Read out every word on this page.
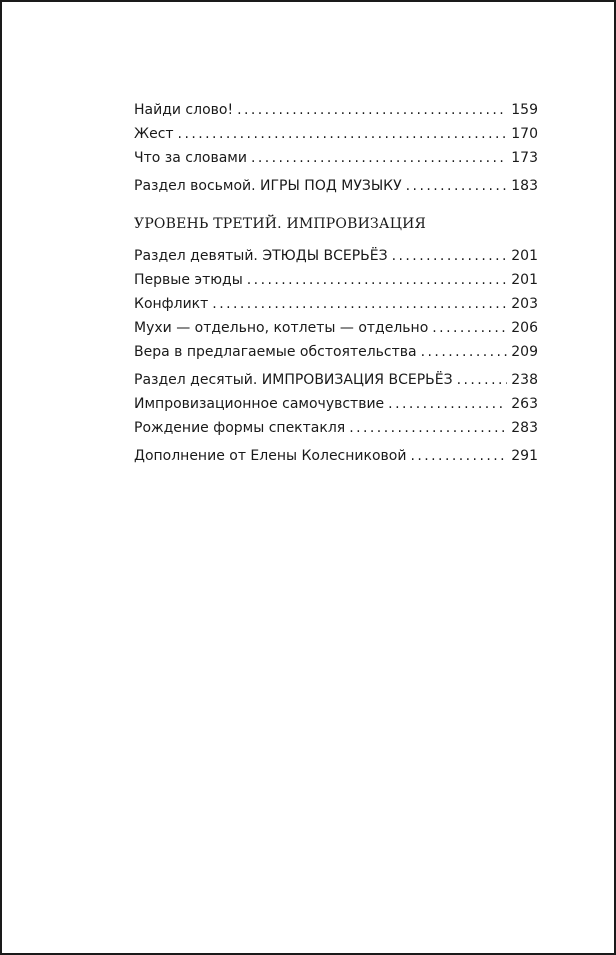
Найди слово! . . .	159
Жест . . .	170
Что за словами . . .	173
Раздел восьмой. ИГРЫ ПОД МУЗЫКУ . . .	183
УРОВЕНЬ ТРЕТИЙ. ИМПРОВИЗАЦИЯ
Раздел девятый. ЭТЮДЫ ВСЕРЬЁЗ . . .	201
Первые этюды . . .	201
Конфликт . . .	203
Мухи — отдельно, котлеты — отдельно . . .	206
Вера в предлагаемые обстоятельства . . .	209
Раздел десятый. ИМПРОВИЗАЦИЯ ВСЕРЬЁЗ . . .	238
Импровизационное самочувствие . . .	263
Рождение формы спектакля . . .	283
Дополнение от Елены Колесниковой . . .	291
